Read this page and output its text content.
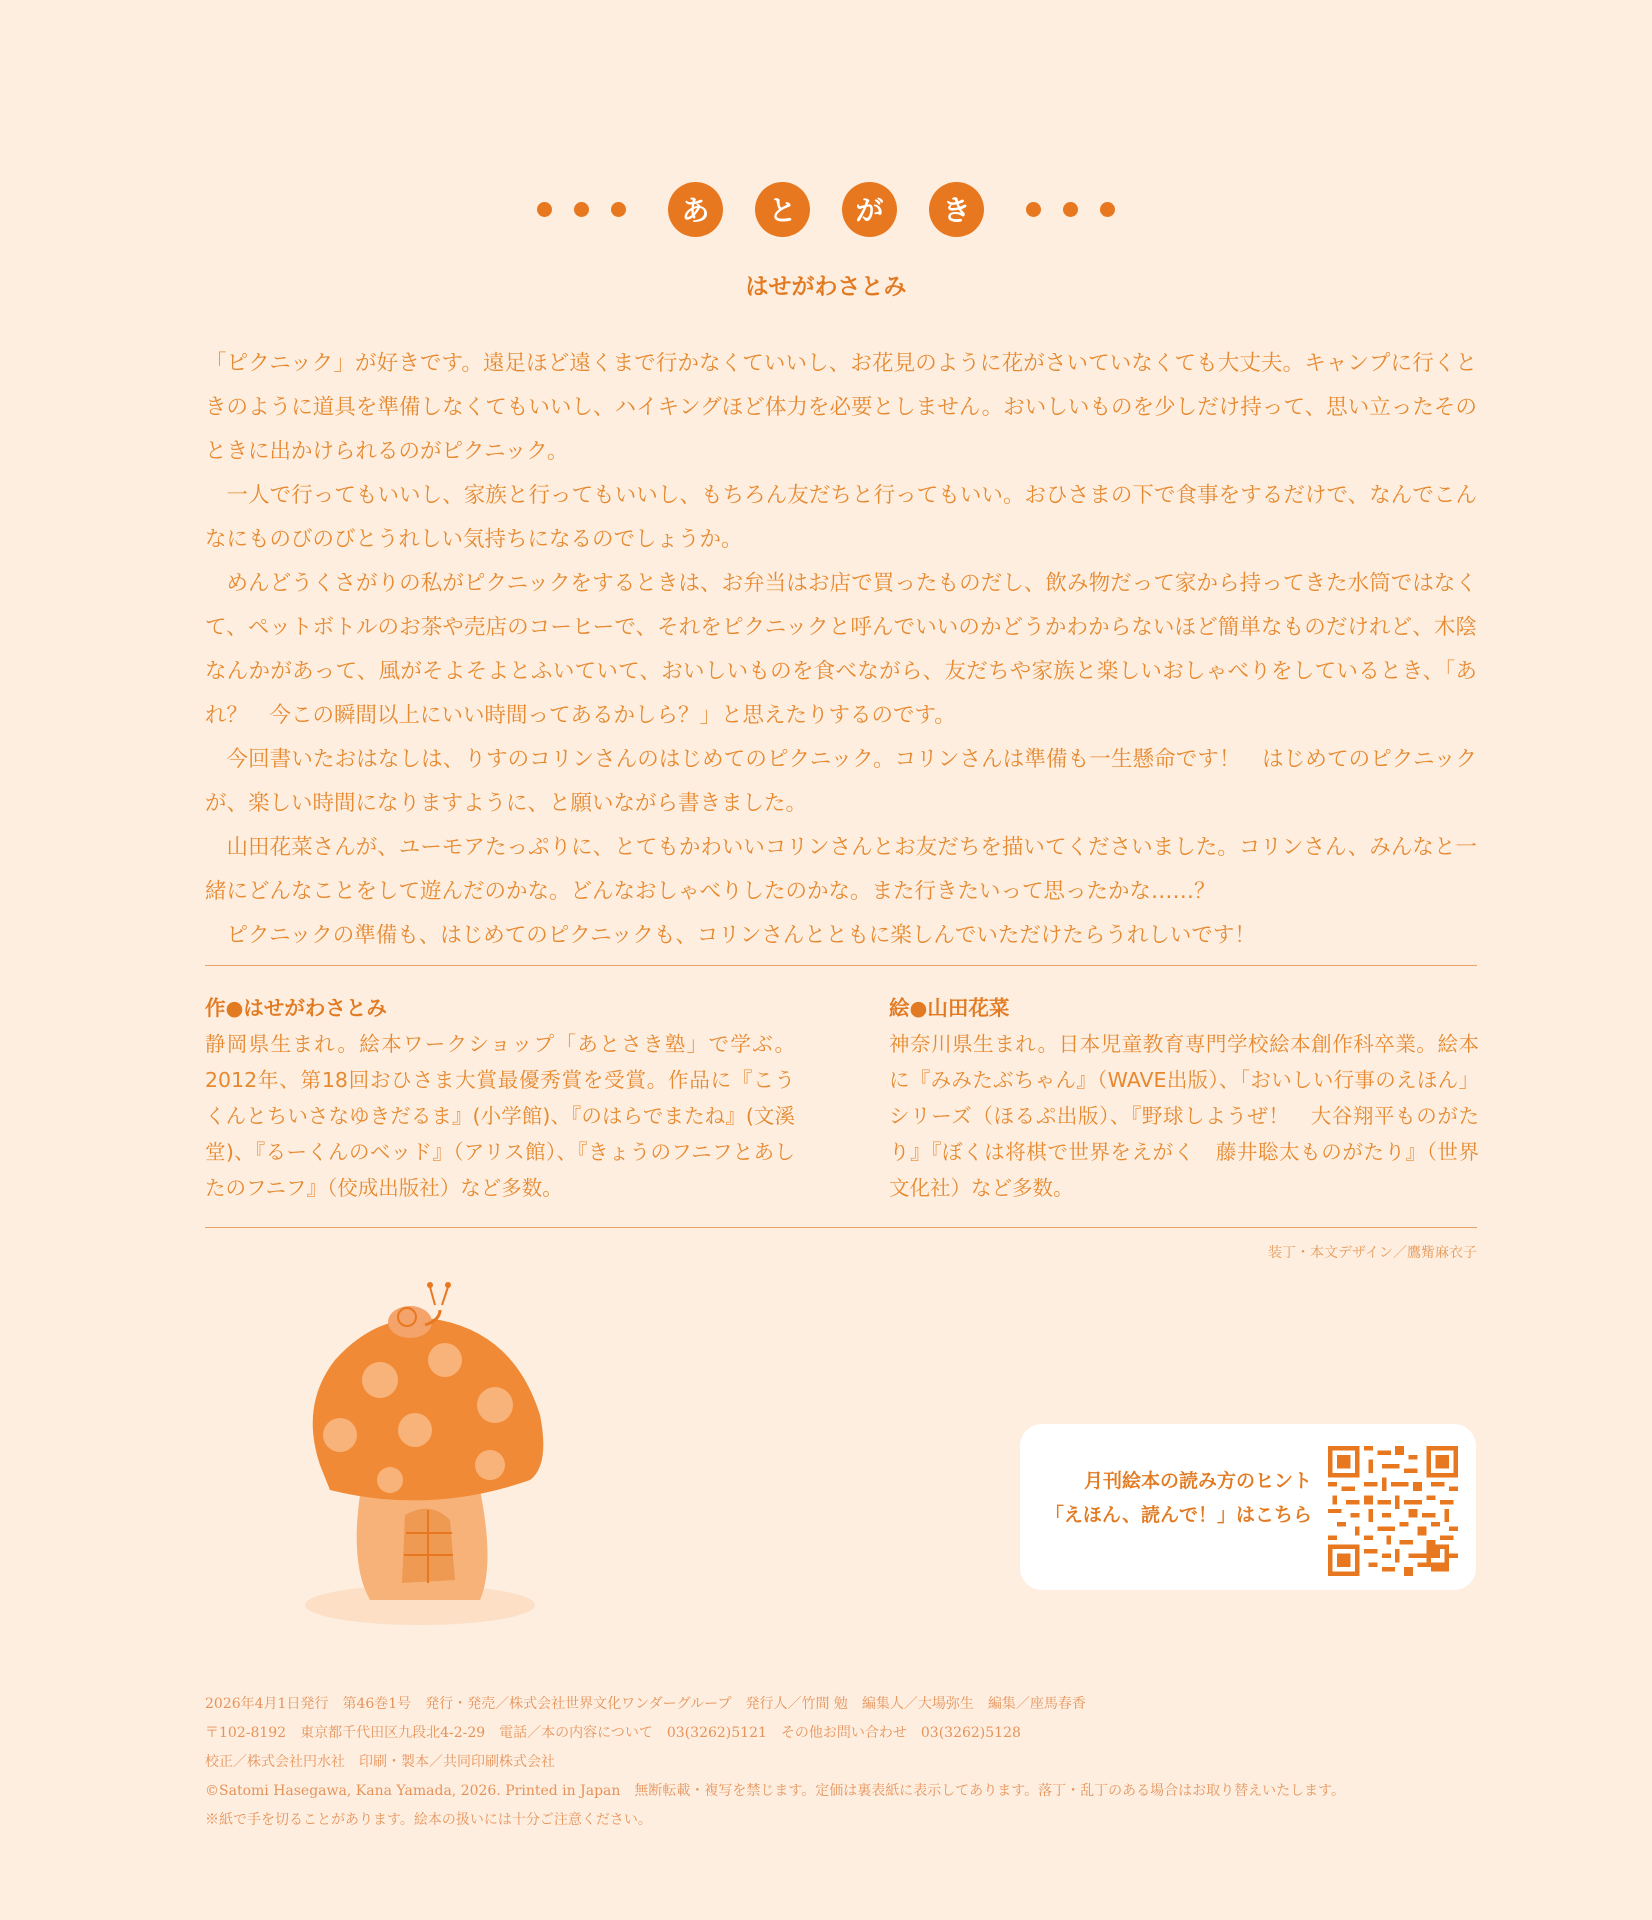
あ	と	が	き
はせがわさとみ

「ピクニック」が好きです。遠足ほど遠くまで行かなくていいし、お花見のように花がさいていなくても大丈夫。キャンプに行くときのように道具を準備しなくてもいいし、ハイキングほど体力を必要としません。おいしいものを少しだけ持って、思い立ったそのときに出かけられるのがピクニック。

一人で行ってもいいし、家族と行ってもいいし、もちろん友だちと行ってもいい。おひさまの下で食事をするだけで、なんでこんなにものびのびとうれしい気持ちになるのでしょうか。

めんどうくさがりの私がピクニックをするときは、お弁当はお店で買ったものだし、飲み物だって家から持ってきた水筒ではなくて、ペットボトルのお茶や売店のコーヒーで、それをピクニックと呼んでいいのかどうかわからないほど簡単なものだけれど、木陰なんかがあって、風がそよそよとふいていて、おいしいものを食べながら、友だちや家族と楽しいおしゃべりをしているとき、「あれ？　今この瞬間以上にいい時間ってあるかしら？」と思えたりするのです。

今回書いたおはなしは、りすのコリンさんのはじめてのピクニック。コリンさんは準備も一生懸命です！　はじめてのピクニックが、楽しい時間になりますように、と願いながら書きました。

山田花菜さんが、ユーモアたっぷりに、とてもかわいいコリンさんとお友だちを描いてくださいました。コリンさん、みんなと一緒にどんなことをして遊んだのかな。どんなおしゃべりしたのかな。また行きたいって思ったかな……？

ピクニックの準備も、はじめてのピクニックも、コリンさんとともに楽しんでいただけたらうれしいです！

作●はせがわさとみ
静岡県生まれ。絵本ワークショップ「あとさき塾」で学ぶ。2012年、第18回おひさま大賞最優秀賞を受賞。作品に『こうくんとちいさなゆきだるま』(小学館)、『のはらでまたね』(文溪堂)、『るーくんのベッド』（アリス館）、『きょうのフニフとあしたのフニフ』（佼成出版社）など多数。
絵●山田花菜
神奈川県生まれ。日本児童教育専門学校絵本創作科卒業。絵本に『みみたぶちゃん』（WAVE出版）、「おいしい行事のえほん」シリーズ（ほるぷ出版）、『野球しようぜ！　大谷翔平ものがたり』『ぼくは将棋で世界をえがく　藤井聡太ものがたり』（世界文化社）など多数。
装丁・本文デザイン／鷹觜麻衣子
月刊絵本の読み方のヒント
「えほん、読んで！」はこちら
2026年4月1日発行　第46巻1号　発行・発売／株式会社世界文化ワンダーグループ　発行人／竹間 勉　編集人／大場弥生　編集／座馬春香
〒102-8192　東京都千代田区九段北4-2-29　電話／本の内容について　03(3262)5121　その他お問い合わせ　03(3262)5128
校正／株式会社円水社　印刷・製本／共同印刷株式会社
©Satomi Hasegawa, Kana Yamada, 2026. Printed in Japan　無断転載・複写を禁じます。定価は裏表紙に表示してあります。落丁・乱丁のある場合はお取り替えいたします。
※紙で手を切ることがあります。絵本の扱いには十分ご注意ください。
